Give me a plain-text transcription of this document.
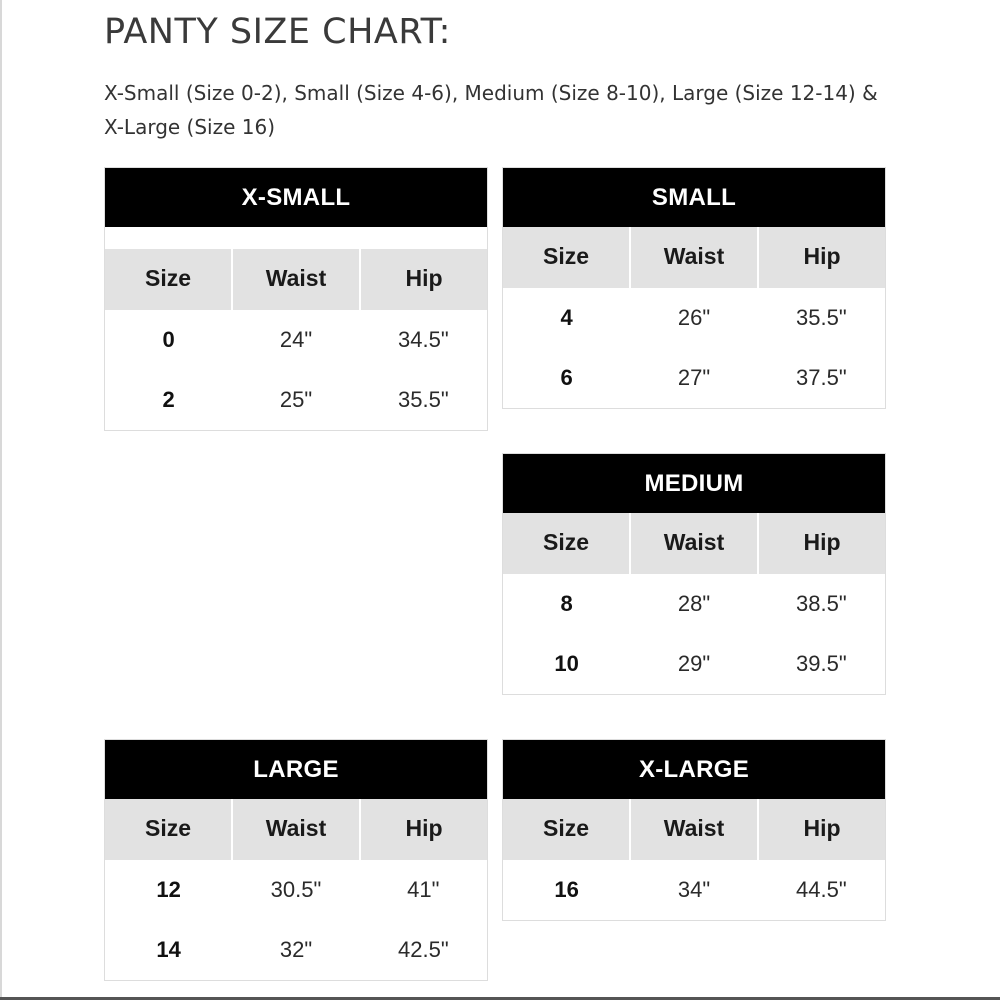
PANTY SIZE CHART:

X-Small (Size 0-2), Small (Size 4-6), Medium (Size 8-10), Large (Size 12-14) & X-Large (Size 16)

X-SMALL
Size	Waist	Hip
0	24"	34.5"
2	25"	35.5"
SMALL
Size	Waist	Hip
4	26"	35.5"
6	27"	37.5"
MEDIUM
Size	Waist	Hip
8	28"	38.5"
10	29"	39.5"
LARGE
Size	Waist	Hip
12	30.5"	41"
14	32"	42.5"
X-LARGE
Size	Waist	Hip
16	34"	44.5"
